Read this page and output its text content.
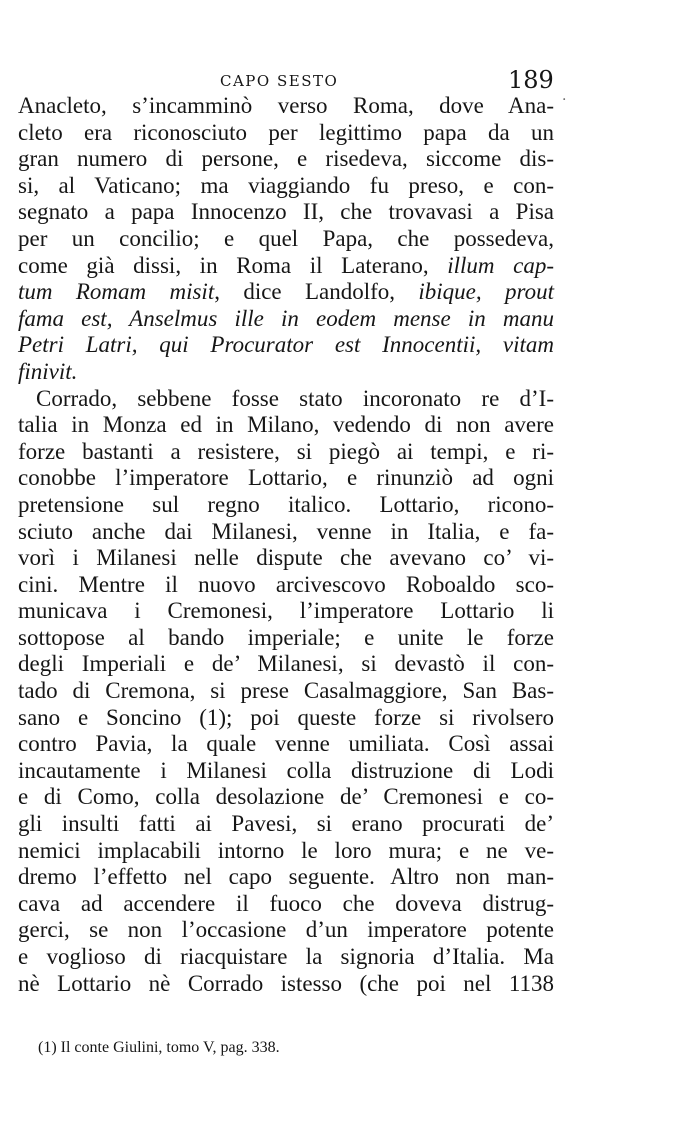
CAPO SESTO	189
·
Anacleto, s’incamminò verso Roma, dove Ana-
cleto era riconosciuto per legittimo papa da un
gran numero di persone, e risedeva, siccome dis-
si, al Vaticano; ma viaggiando fu preso, e con-
segnato a papa Innocenzo II, che trovavasi a Pisa
per un concilio; e quel Papa, che possedeva,
come già dissi, in Roma il Laterano, illum cap-
tum Romam misit, dice Landolfo, ibique, prout
fama est, Anselmus ille in eodem mense in manu
Petri Latri, qui Procurator est Innocentii, vitam
finivit.
Corrado, sebbene fosse stato incoronato re d’I-
talia in Monza ed in Milano, vedendo di non avere
forze bastanti a resistere, si piegò ai tempi, e ri-
conobbe l’imperatore Lottario, e rinunziò ad ogni
pretensione sul regno italico. Lottario, ricono-
sciuto anche dai Milanesi, venne in Italia, e fa-
vorì i Milanesi nelle dispute che avevano co’ vi-
cini. Mentre il nuovo arcivescovo Roboaldo sco-
municava i Cremonesi, l’imperatore Lottario li
sottopose al bando imperiale; e unite le forze
degli Imperiali e de’ Milanesi, si devastò il con-
tado di Cremona, si prese Casalmaggiore, San Bas-
sano e Soncino (1); poi queste forze si rivolsero
contro Pavia, la quale venne umiliata. Così assai
incautamente i Milanesi colla distruzione di Lodi
e di Como, colla desolazione de’ Cremonesi e co-
gli insulti fatti ai Pavesi, si erano procurati de’
nemici implacabili intorno le loro mura; e ne ve-
dremo l’effetto nel capo seguente. Altro non man-
cava ad accendere il fuoco che doveva distrug-
gerci, se non l’occasione d’un imperatore potente
e voglioso di riacquistare la signoria d’Italia. Ma
nè Lottario nè Corrado istesso (che poi nel 1138
(1) Il conte Giulini, tomo V, pag. 338.
